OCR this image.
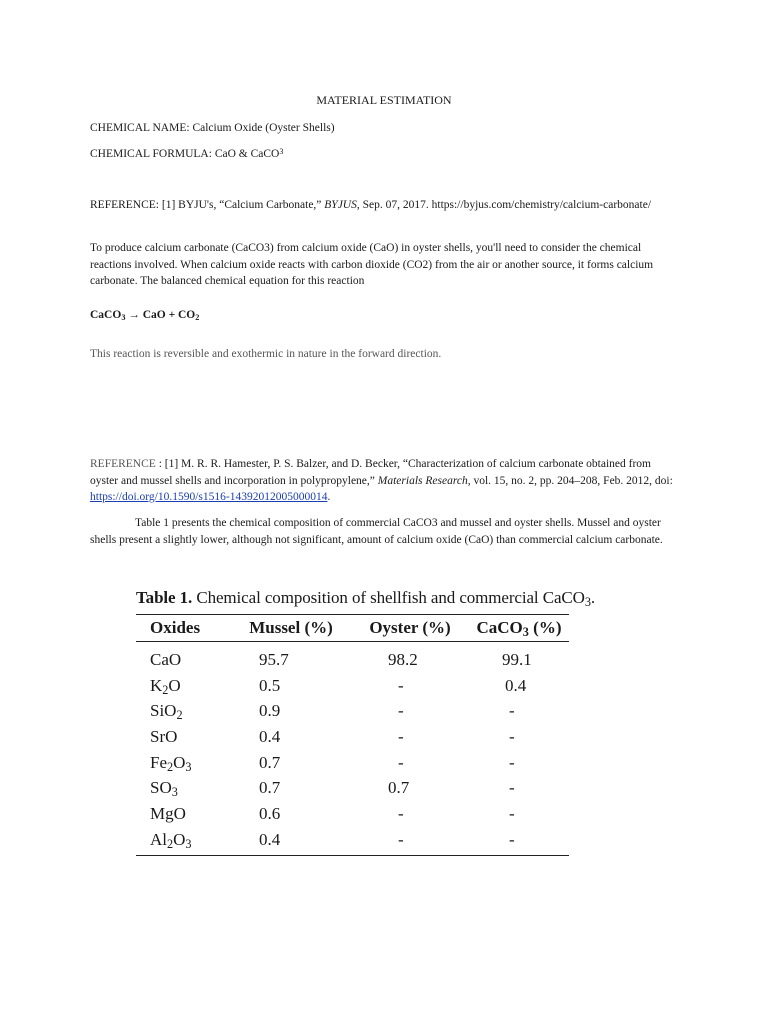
MATERIAL ESTIMATION
CHEMICAL NAME: Calcium Oxide (Oyster Shells)
CHEMICAL FORMULA: CaO & CaCO$^3$
REFERENCE: [1] BYJU's, “Calcium Carbonate,” BYJUS, Sep. 07, 2017. https://byjus.com/chemistry/calcium-carbonate/
To produce calcium carbonate (CaCO3) from calcium oxide (CaO) in oyster shells, you'll need to consider the chemical reactions involved. When calcium oxide reacts with carbon dioxide (CO2) from the air or another source, it forms calcium carbonate. The balanced chemical equation for this reaction
CaCO$_3$ → CaO + $CO_2$
This reaction is reversible and exothermic in nature in the forward direction.
REFERENCE : [1] M. R. R. Hamester, P. S. Balzer, and D. Becker, “Characterization of calcium carbonate obtained from oyster and mussel shells and incorporation in polypropylene,” Materials Research, vol. 15, no. 2, pp. 204–208, Feb. 2012, doi: https://doi.org/10.1590/s1516-14392012005000014.
Table 1 presents the chemical composition of commercial CaCO3 and mussel and oyster shells. Mussel and oyster shells present a slightly lower, although not significant, amount of calcium oxide (CaO) than commercial calcium carbonate.
Table 1. Chemical composition of shellfish and commercial CaCO$_3$.
Oxides	Mussel (%)	Oyster (%)	CaCO$_3$ (%)
CaO	95.7	98.2	99.1
$K_2O$	0.5	-	0.4
SiO$_2$	0.9	-	-
SrO	0.4	-	-
$Fe_2O_3$	0.7	-	-
$SO_3$	0.7	0.7	-
MgO	0.6	-	-
$Al_2O_3$	0.4	-	-
